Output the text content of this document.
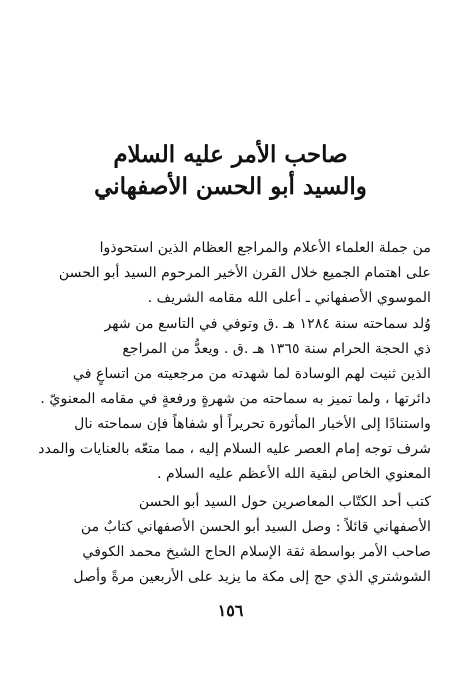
صاحب الأمر عليه السلام
والسيد أبو الحسن الأصفهاني
من جملة العلماء الأعلام والمراجع العظام الذين استحوذوا
على اهتمام الجميع خلال القرن الأخير المرحوم السيد أبو الحسن
الموسوي الأصفهاني ـ أعلى الله مقامه الشريف .
وُلد سماحته سنة ١٢٨٤ هـ .ق وتوفي في التاسع من شهر
ذي الحجة الحرام سنة ١٣٦٥ هـ .ق . ويعدُّ من المراجع
الذين ثنيت لهم الوسادة لما شهدته من مرجعيته من اتساعٍ في
دائرتها ، ولما تميز به سماحته من شهرةٍ ورفعةٍ في مقامه المعنويّ .
واستنادًا إلى الأخبار المأثورة تحريراً أو شفاهاً فإن سماحته نال
شرف توجه إمام العصر عليه السلام إليه ، مما متعّه بالعنايات والمدد
المعنوي الخاص لبقية الله الأعظم عليه السلام .
كتب أحد الكتّاب المعاصرين حول السيد أبو الحسن
الأصفهاني قائلاً : وصل السيد أبو الحسن الأصفهاني كتابٌ من
صاحب الأمر بواسطة ثقة الإسلام الحاج الشيخ محمد الكوفي
الشوشتري الذي حج إلى مكة ما يزيد على الأربعين مرةً وأصل
١٥٦
